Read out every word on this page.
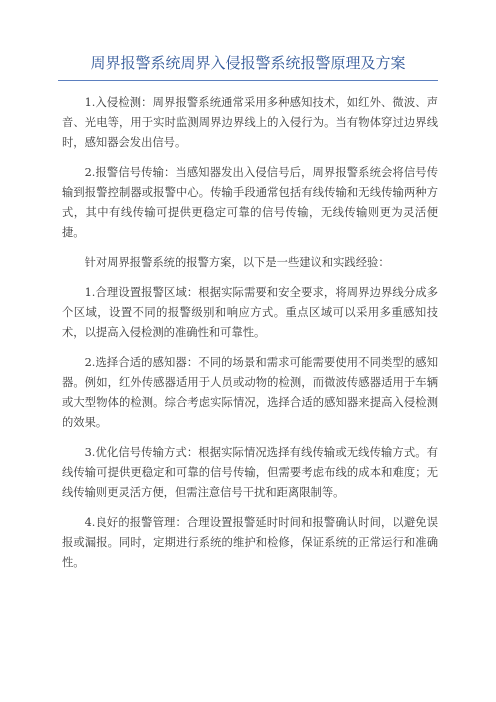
周界报警系统周界入侵报警系统报警原理及方案

1.入侵检测：周界报警系统通常采用多种感知技术，如红外、微波、声音、光电等，用于实时监测周界边界线上的入侵行为。当有物体穿过边界线时，感知器会发出信号。

2.报警信号传输：当感知器发出入侵信号后，周界报警系统会将信号传输到报警控制器或报警中心。传输手段通常包括有线传输和无线传输两种方式，其中有线传输可提供更稳定可靠的信号传输，无线传输则更为灵活便捷。

针对周界报警系统的报警方案，以下是一些建议和实践经验：

1.合理设置报警区域：根据实际需要和安全要求，将周界边界线分成多个区域，设置不同的报警级别和响应方式。重点区域可以采用多重感知技术，以提高入侵检测的准确性和可靠性。

2.选择合适的感知器：不同的场景和需求可能需要使用不同类型的感知器。例如，红外传感器适用于人员或动物的检测，而微波传感器适用于车辆或大型物体的检测。综合考虑实际情况，选择合适的感知器来提高入侵检测的效果。

3.优化信号传输方式：根据实际情况选择有线传输或无线传输方式。有线传输可提供更稳定和可靠的信号传输，但需要考虑布线的成本和难度；无线传输则更灵活方便，但需注意信号干扰和距离限制等。

4.良好的报警管理：合理设置报警延时时间和报警确认时间，以避免误报或漏报。同时，定期进行系统的维护和检修，保证系统的正常运行和准确性。
